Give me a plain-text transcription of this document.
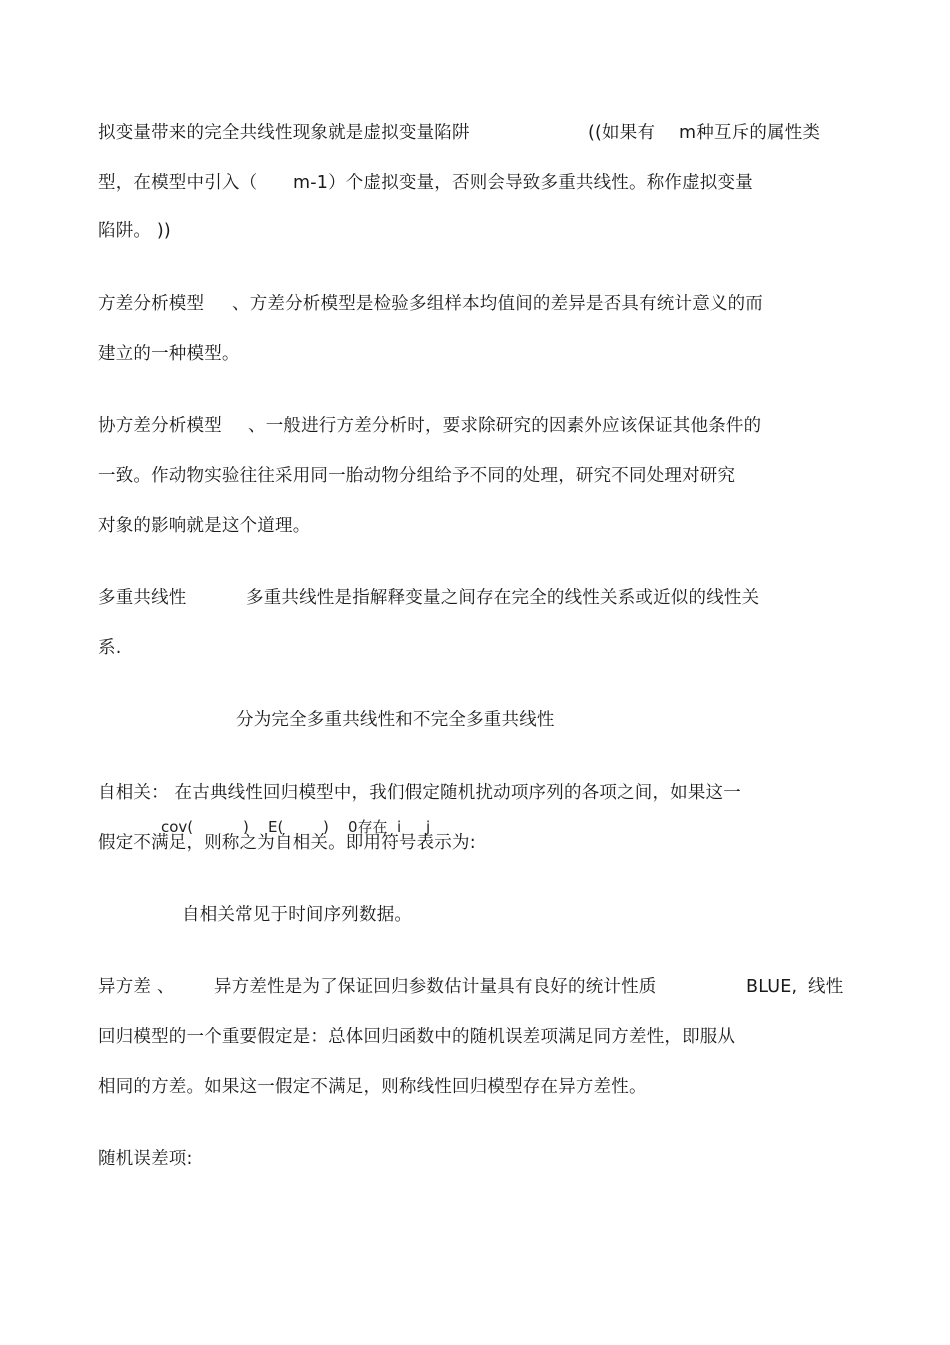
拟变量带来的完全共线性现象就是虚拟变量陷阱	((如果有 m种互斥的属性类
型，在模型中引入（ m-1）个虚拟变量，否则会导致多重共线性。称作虚拟变量
陷阱。 ))
方差分析模型 、方差分析模型是检验多组样本均值间的差异是否具有统计意义的而
建立的一种模型。
协方差分析模型 、一般进行方差分析时，要求除研究的因素外应该保证其他条件的
一致。作动物实验往往采用同一胎动物分组给予不同的处理，研究不同处理对研究
对象的影响就是这个道理。
多重共线性	多重共线性是指解释变量之间存在完全的线性关系或近似的线性关
系.
分为完全多重共线性和不完全多重共线性
自相关： 在古典线性回归模型中，我们假定随机扰动项序列的各项之间，如果这一
cov(	) E(	) 0存在 i j
假定不满足，则称之为自相关。即用符号表示为:
自相关常见于时间序列数据。
异方差 、 异方差性是为了保证回归参数估计量具有良好的统计性质	BLUE, 线性
回归模型的一个重要假定是：总体回归函数中的随机误差项满足同方差性，即服从
相同的方差。如果这一假定不满足，则称线性回归模型存在异方差性。
随机误差项:
